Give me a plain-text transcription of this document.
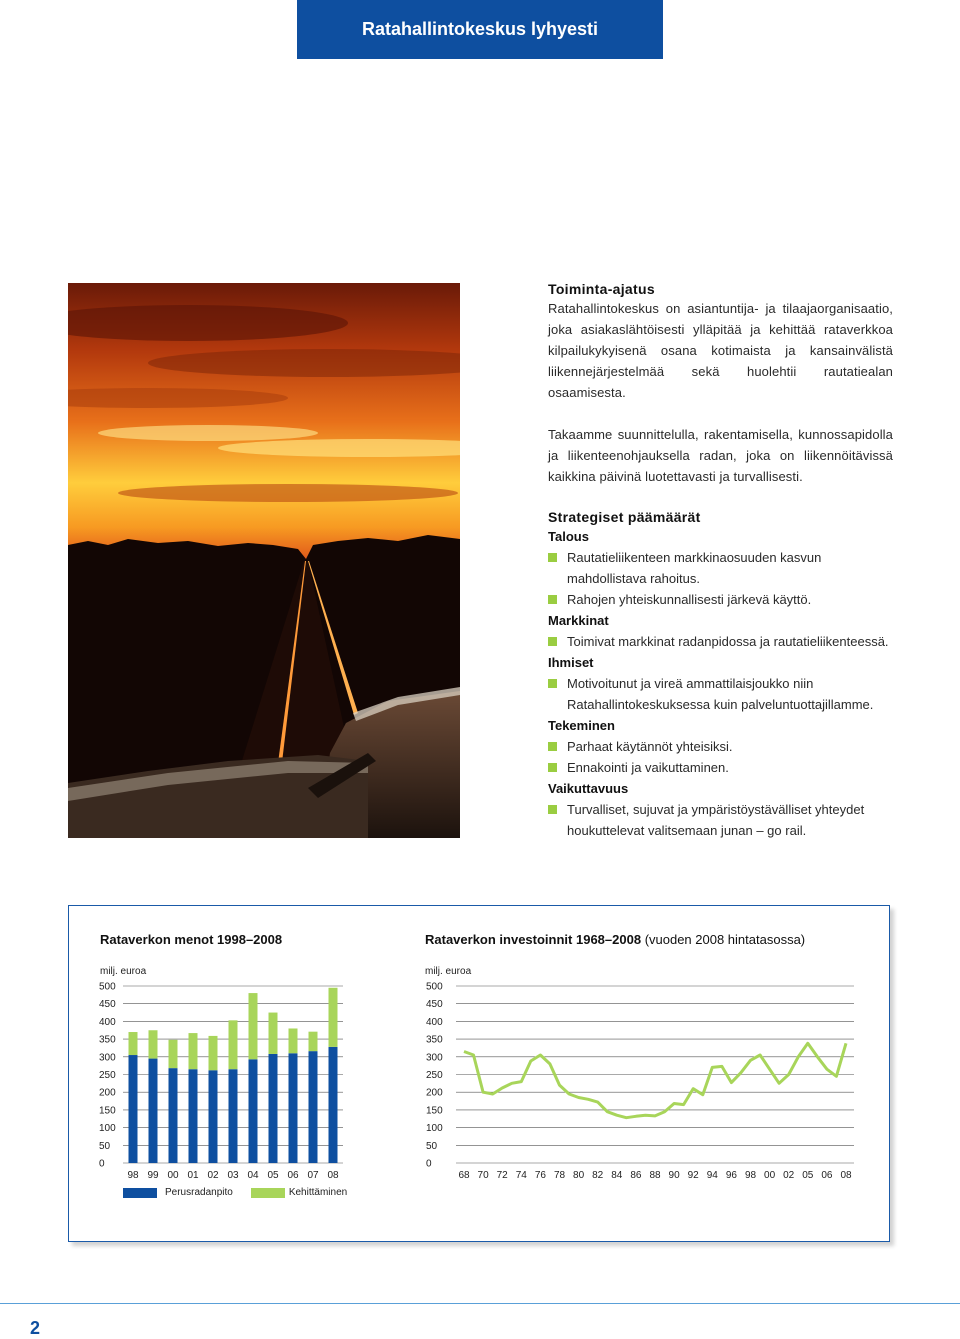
Ratahallintokeskus lyhyesti
Toiminta-ajatus

Ratahallintokeskus on asiantuntija- ja tilaajaorganisaatio, joka asiakaslähtöisesti ylläpitää ja kehittää rataverkkoa kilpailukykyisenä osana kotimaista ja kansainvälistä liikennejärjestelmää sekä huolehtii rautatiealan osaamisesta.

Takaamme suunnittelulla, rakentamisella, kunnossapidolla ja liikenteenohjauksella radan, joka on liikennöitävissä kaikkina päivinä luotettavasti ja turvallisesti.

Strategiset päämäärät

Talous

Rautatieliikenteen markkinaosuuden kasvun mahdollistava rahoitus.

Rahojen yhteiskunnallisesti järkevä käyttö.

Markkinat

Toimivat markkinat radanpidossa ja rautatieliikenteessä.

Ihmiset

Motivoitunut ja vireä ammattilaisjoukko niin Ratahallintokeskuksessa kuin palveluntuottajillamme.

Tekeminen

Parhaat käytännöt yhteisiksi.

Ennakointi ja vaikuttaminen.

Vaikuttavuus

Turvalliset, sujuvat ja ympäristöystävälliset yhteydet houkuttelevat valitsemaan junan – go rail.

Rataverkon menot 1998–2008	Rataverkon investoinnit 1968–2008 (vuoden 2008 hintatasossa)
milj. euroa	milj. euroa
0
50
100
150
200
250
300
350
400
450
500
98 99 00 01 02 03 04 05 06 07 08
0
50
100
150
200
250
300
350
400
450
500
68 70 72 74 76 78 80 82 84 86 88 90 92 94 96 98 00 02 05 06 08
Perusradanpito	Kehittäminen
2
